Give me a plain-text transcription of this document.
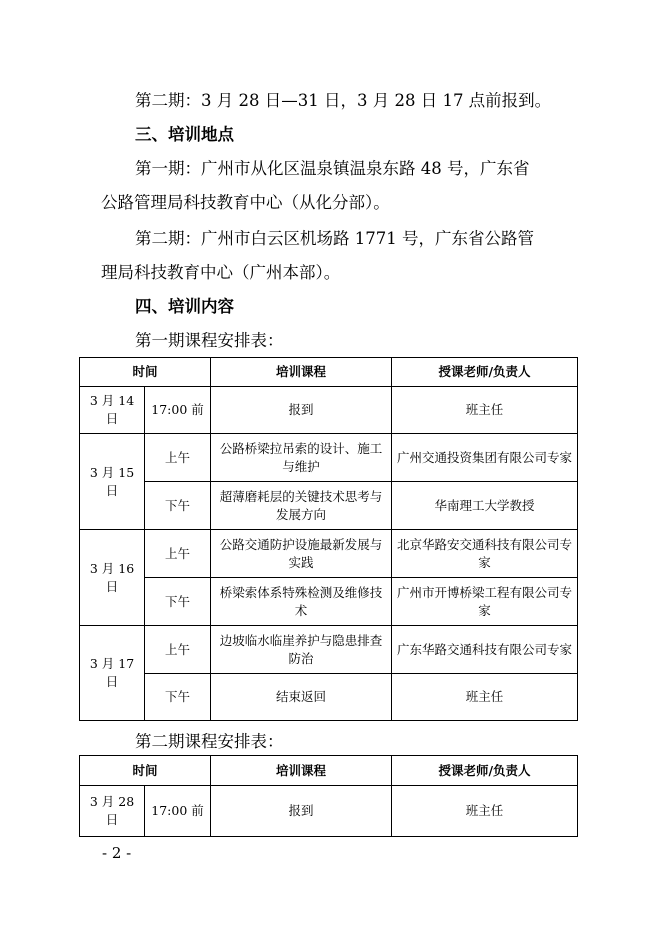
第二期：3 月 28 日—31 日，3 月 28 日 17 点前报到。
三、培训地点
第一期：广州市从化区温泉镇温泉东路 48 号，广东省
公路管理局科技教育中心（从化分部）。
第二期：广州市白云区机场路 1771 号，广东省公路管
理局科技教育中心（广州本部）。
四、培训内容
第一期课程安排表：
时间		培训课程	授课老师/负责人
3 月 14 日	17:00 前	报到	班主任
3 月 15 日	上午	公路桥梁拉吊索的设计、施工与维护	广州交通投资集团有限公司专家
	下午	超薄磨耗层的关键技术思考与发展方向	华南理工大学教授
3 月 16 日	上午	公路交通防护设施最新发展与实践	北京华路安交通科技有限公司专家
	下午	桥梁索体系特殊检测及维修技术	广州市开博桥梁工程有限公司专家
3 月 17 日	上午	边坡临水临崖养护与隐患排查防治	广东华路交通科技有限公司专家
	下午	结束返回	班主任
第二期课程安排表：
时间		培训课程	授课老师/负责人
3 月 28 日	17:00 前	报到	班主任
- 2 -
